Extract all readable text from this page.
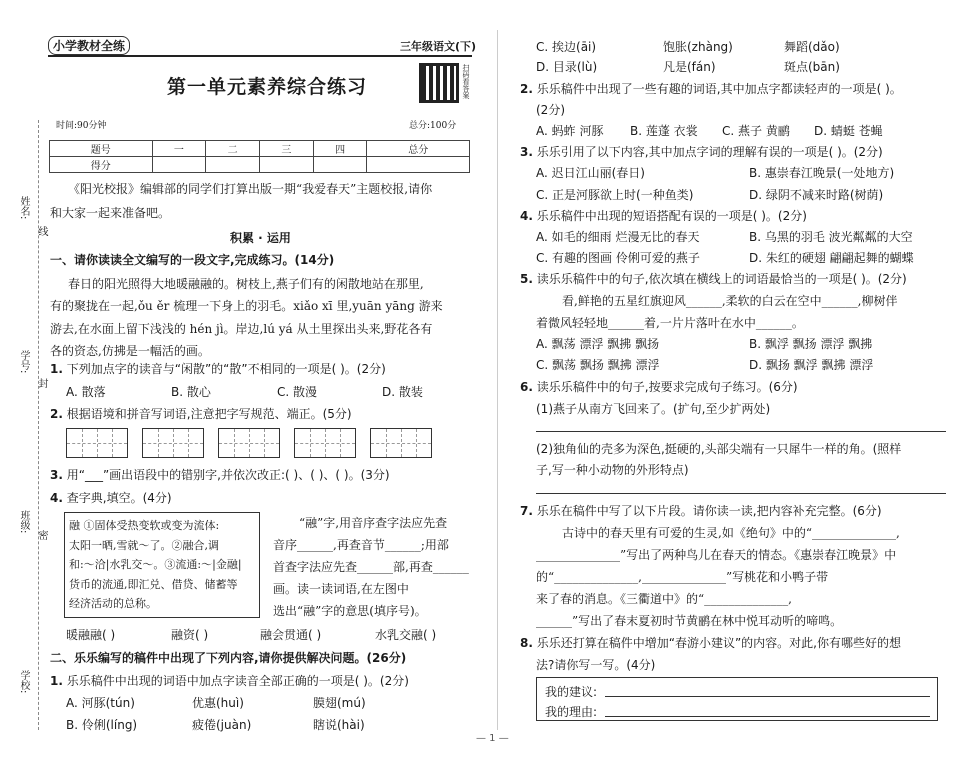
小学教材全练	三年级语文(下)
第一单元素养综合练习	扫码看答案
时间:90分钟	总分:100分
题号	一	二	三	四	总分
得分					
姓名:
线
学号:
封
班级:
密
学校:
《阳光校报》编辑部的同学们打算出版一期“我爱春天”主题校报,请你
和大家一起来准备吧。
积累 · 运用
一、请你读读全文编写的一段文字,完成练习。(14分)
春日的阳光照得大地暖融融的。树枝上,燕子们有的闲散地站在那里,
有的聚拢在一起,ǒu ěr 梳理一下身上的羽毛。xiǎo xī 里,yuān yāng 游来
游去,在水面上留下浅浅的 hén jì。岸边,lú yá 从土里探出头来,野花各有
各的资态,仿拂是一幅活的画。
1. 下列加点字的读音与“闲散”的“散”不相同的一项是( )。(2分)
A. 散落	B. 散心	C. 散漫	D. 散装
2. 根据语境和拼音写词语,注意把字写规范、端正。(5分)
3. 用“___”画出语段中的错别字,并依次改正:( )、( )、( )。(3分)
4. 查字典,填空。(4分)
融 ①固体受热变软或变为流体:
太阳一晒,雪就～了。②融合,调
和:～洽|水乳交～。③流通:～|金融|
货币的流通,即汇兑、借贷、储蓄等
经济活动的总称。
“融”字,用音序查字法应先查
音序______,再查音节______;用部
首查字法应先查______部,再查______
画。读一读词语,在左图中
选出“融”字的意思(填序号)。
暖融融( )	融资( )	融会贯通( )	水乳交融( )
二、乐乐编写的稿件中出现了下列内容,请你提供解决问题。(26分)
1. 乐乐稿件中出现的词语中加点字读音全部正确的一项是( )。(2分)
A. 河豚(tún)	优惠(huì)	膜翅(mú)
B. 伶俐(líng)	疲倦(juàn)	瞎说(hài)
C. 挨边(āi)	饱胀(zhàng)	舞蹈(dǎo)
D. 目录(lù)	凡是(fán)	斑点(bān)
2. 乐乐稿件中出现了一些有趣的词语,其中加点字都读轻声的一项是( )。
(2分)
A. 蚂蚱 河豚 B. 莲蓬 衣裳 C. 燕子 黄鹂 D. 蜻蜓 苍蝇
3. 乐乐引用了以下内容,其中加点字词的理解有误的一项是( )。(2分)
A. 迟日江山丽(春日)	B. 惠崇春江晚景(一处地方)
C. 正是河豚欲上时(一种鱼类)	D. 绿阴不减来时路(树荫)
4. 乐乐稿件中出现的短语搭配有误的一项是( )。(2分)
A. 如毛的细雨 烂漫无比的春天	B. 乌黑的羽毛 波光粼粼的大空
C. 有趣的图画 伶俐可爱的燕子	D. 朱红的硬翅 翩翩起舞的蝴蝶
5. 读乐乐稿件中的句子,依次填在横线上的词语最恰当的一项是( )。(2分)
看,鲜艳的五星红旗迎风______,柔软的白云在空中______,柳树伴
着微风轻轻地______着,一片片落叶在水中______。
A. 飘荡 漂浮 飘拂 飘扬	B. 飘浮 飘扬 漂浮 飘拂
C. 飘荡 飘扬 飘拂 漂浮	D. 飘扬 飘浮 飘拂 漂浮
6. 读乐乐稿件中的句子,按要求完成句子练习。(6分)
(1)燕子从南方飞回来了。(扩句,至少扩两处)
(2)独角仙的壳多为深色,挺硬的,头部尖端有一只犀牛一样的角。(照样
子,写一种小动物的外形特点)
7. 乐乐在稿件中写了以下片段。请你读一读,把内容补充完整。(6分)
古诗中的春天里有可爱的生灵,如《绝句》中的“______________,
______________”写出了两种鸟儿在春天的情态。《惠崇春江晚景》中
的“______________,______________”写桃花和小鸭子带
来了春的消息。《三衢道中》的“______________,
______”写出了春末夏初时节黄鹂在林中悦耳动听的啼鸣。
8. 乐乐还打算在稿件中增加“春游小建议”的内容。对此,你有哪些好的想
法?请你写一写。(4分)
我的建议:
我的理由:
— 1 —
